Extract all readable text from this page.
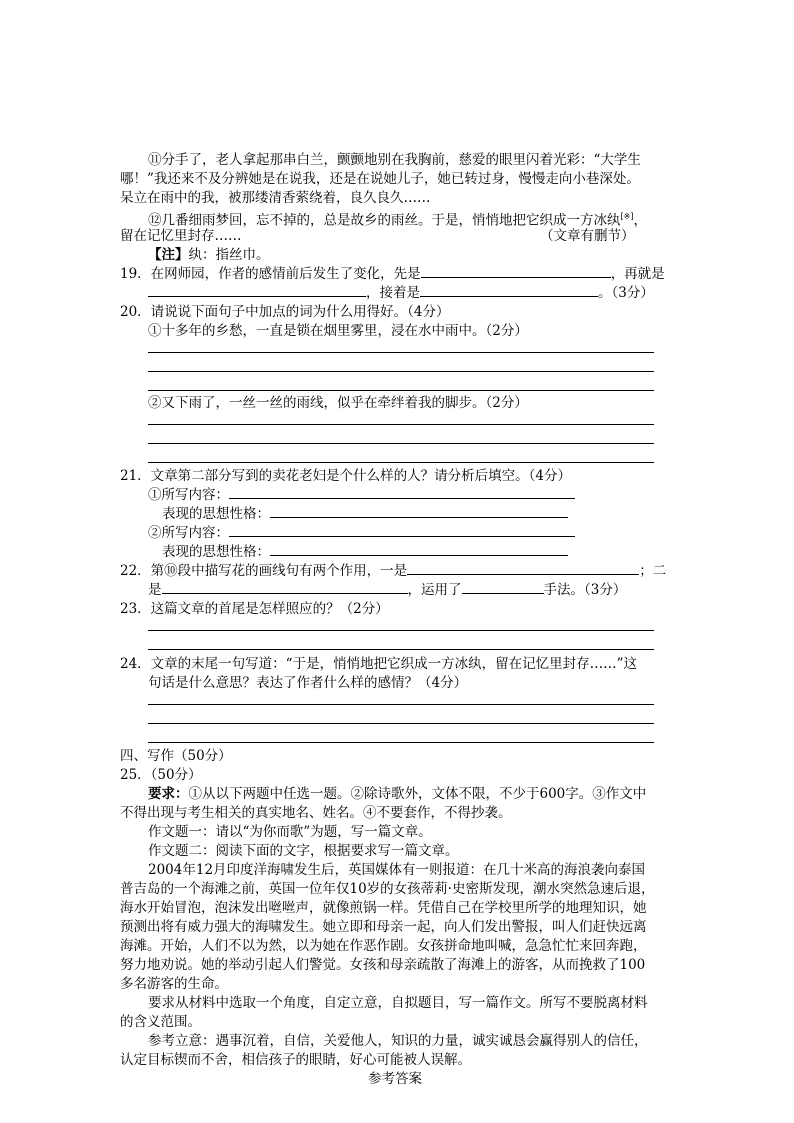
⑪分手了，老人拿起那串白兰，颤颤地别在我胸前，慈爱的眼里闪着光彩：“大学生
哪！”我还来不及分辨她是在说我，还是在说她儿子，她已转过身，慢慢走向小巷深处。
呆立在雨中的我，被那缕清香萦绕着，良久良久……
⑫几番细雨梦回，忘不掉的，总是故乡的雨丝。于是，悄悄地把它织成一方冰纨[※]，
留在记忆里封存……	（文章有删节）
【注】纨：指丝巾。
19．在网师园，作者的感情前后发生了变化，先是	，再就是
，接着是	。（3分）
20．请说说下面句子中加点的词为什么用得好。（4分）
①十多年的乡愁，一直是锁在烟里雾里，浸在水中雨中。（2分）
②又下雨了，一丝一丝的雨线，似乎在牵绊着我的脚步。（2分）
21．文章第二部分写到的卖花老妇是个什么样的人？请分析后填空。（4分）
①所写内容：
表现的思想性格：
②所写内容：
表现的思想性格：
22．第⑩段中描写花的画线句有两个作用，一是	；二
是	，运用了	手法。（3分）
23．这篇文章的首尾是怎样照应的？（2分）
24．文章的末尾一句写道：“于是，悄悄地把它织成一方冰纨，留在记忆里封存……”这
句话是什么意思？表达了作者什么样的感情？（4分）
四、写作（50分）
25．（50分）
要求：①从以下两题中任选一题。②除诗歌外，文体不限，不少于600字。③作文中
不得出现与考生相关的真实地名、姓名。④不要套作，不得抄袭。
作文题一：请以“为你而歌”为题，写一篇文章。
作文题二：阅读下面的文字，根据要求写一篇文章。
2004年12月印度洋海啸发生后，英国媒体有一则报道：在几十米高的海浪袭向泰国
普吉岛的一个海滩之前，英国一位年仅10岁的女孩蒂莉·史密斯发现，潮水突然急速后退，
海水开始冒泡，泡沫发出咝咝声，就像煎锅一样。凭借自己在学校里所学的地理知识，她
预测出将有威力强大的海啸发生。她立即和母亲一起，向人们发出警报，叫人们赶快远离
海滩。开始，人们不以为然，以为她在作恶作剧。女孩拼命地叫喊，急急忙忙来回奔跑，
努力地劝说。她的举动引起人们警觉。女孩和母亲疏散了海滩上的游客，从而挽救了100
多名游客的生命。
要求从材料中选取一个角度，自定立意，自拟题目，写一篇作文。所写不要脱离材料
的含义范围。
参考立意：遇事沉着，自信，关爱他人，知识的力量，诚实诚恳会赢得别人的信任，
认定目标锲而不舍，相信孩子的眼睛，好心可能被人误解。
参考答案
